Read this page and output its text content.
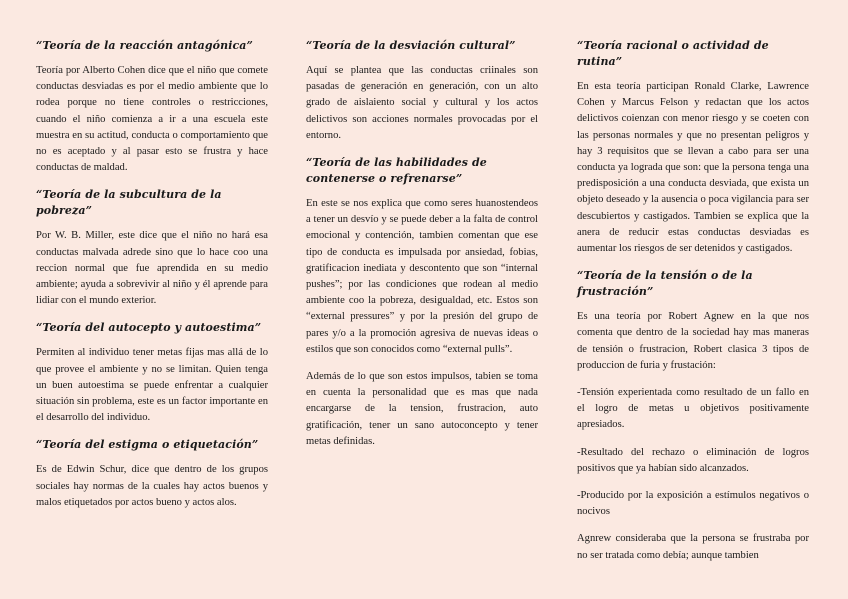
“Teoría de la reacción antagónica”

Teoría por Alberto Cohen dice que el niño que comete conductas desviadas es por el medio ambiente que lo rodea porque no tiene controles o restricciones, cuando el niño comienza a ir a una escuela este muestra en su actitud, conducta o comportamiento que no es aceptado y al pasar esto se frustra y hace conductas de maldad.

“Teoría de la subcultura de la pobreza”

Por W. B. Miller, este dice que el niño no hará esa conductas malvada adrede sino que lo hace coo una reccion normal que fue aprendida en su medio ambiente; ayuda a sobrevivir al niño y él aprende para lidiar con el mundo exterior.

“Teoría del autocepto y autoestima”

Permiten al individuo tener metas fijas mas allá de lo que provee el ambiente y no se limitan. Quien tenga un buen autoestima se puede enfrentar a cualquier situación sin problema, este es un factor importante en el desarrollo del individuo.

“Teoría del estigma o etiquetación”

Es de Edwin Schur, dice que dentro de los grupos sociales hay normas de la cuales hay actos buenos y malos etiquetados por actos bueno y actos alos.

“Teoría de la desviación cultural”

Aquí se plantea que las conductas criinales son pasadas de generación en generación, con un alto grado de aislaiento social y cultural y los actos delictivos son acciones normales provocadas por el entorno.

“Teoría de las habilidades de contenerse o refrenarse”

En este se nos explica que como seres huanostendeos a tener un desvío y se puede deber a la falta de control emocional y contención, tambien comentan que ese tipo de conducta es impulsada por ansiedad, fobias, gratificacion inediata y descontento que son “internal pushes”; por las condiciones que rodean al medio ambiente coo la pobreza, desigualdad, etc. Estos son “external pressures” y por la presión del grupo de pares y/o a la promoción agresiva de nuevas ideas o estilos que son conocidos como “external pulls”.

Además de lo que son estos impulsos, tabien se toma en cuenta la personalidad que es mas que nada encargarse de la tension, frustracion, auto gratificación, tener un sano autoconcepto y tener metas definidas.

“Teoría racional o actividad de rutina”

En esta teoría participan Ronald Clarke, Lawrence Cohen y Marcus Felson y redactan que los actos delictivos coienzan con menor riesgo y se coeten con las personas normales y que no presentan peligros y hay 3 requisitos que se llevan a cabo para ser una conducta ya lograda que son: que la persona tenga una predisposición a una conducta desviada, que exista un objeto deseado y la ausencia o poca vigilancia para ser descubiertos y castigados. Tambien se explica que la anera de reducir estas conductas desviadas es aumentar los riesgos de ser detenidos y castigados.

“Teoría de la tensión o de la frustración”

Es una teoría por Robert Agnew en la que nos comenta que dentro de la sociedad hay mas maneras de tensión o frustracion, Robert clasica 3 tipos de produccion de furia y frustación:

-Tensión experientada como resultado de un fallo en el logro de metas u objetivos positivamente apresiados.

-Resultado del rechazo o eliminación de logros positivos que ya habían sido alcanzados.

-Producido por la exposición a estímulos negativos o nocivos

Agnrew consideraba que la persona se frustraba por no ser tratada como debía; aunque tambien
